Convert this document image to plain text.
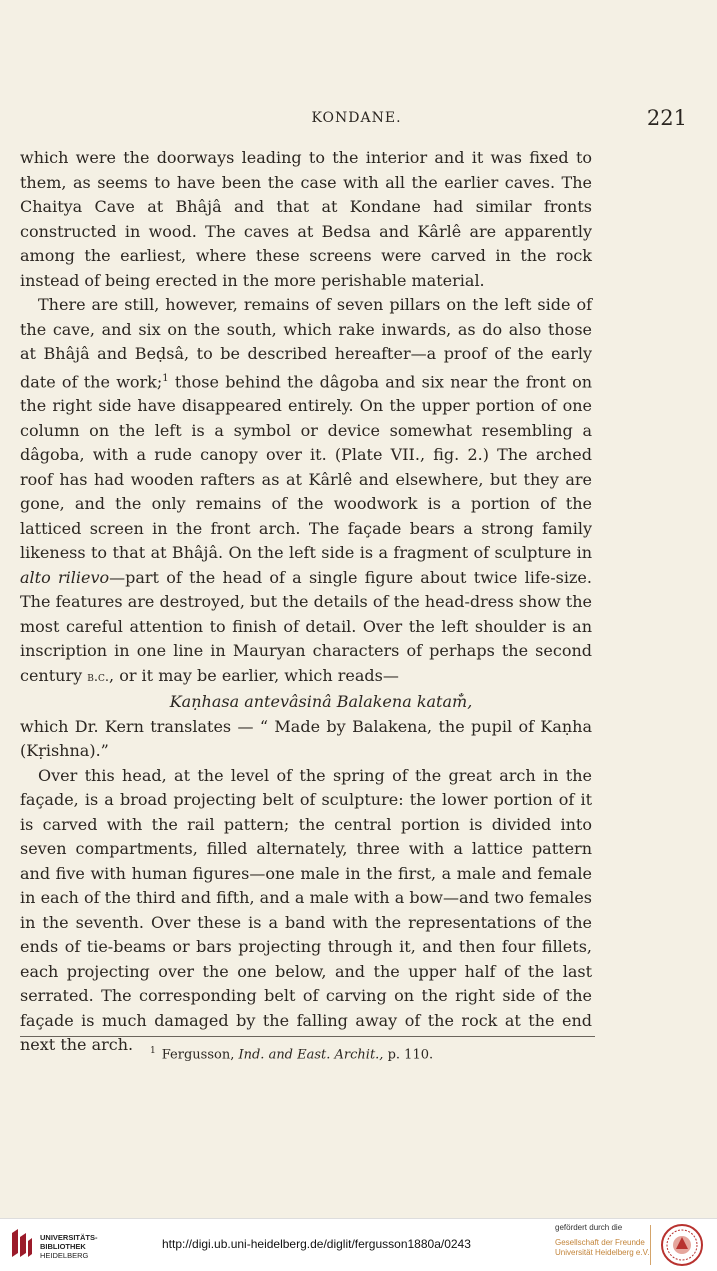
KONDANE.	221

which were the doorways leading to the interior and it was fixed to them, as seems to have been the case with all the earlier caves. The Chaitya Cave at Bhâjâ and that at Kondane had similar fronts constructed in wood. The caves at Bedsa and Kârlê are apparently among the earliest, where these screens were carved in the rock instead of being erected in the more perishable material.

There are still, however, remains of seven pillars on the left side of the cave, and six on the south, which rake inwards, as do also those at Bhâjâ and Beḍsâ, to be described hereafter—a proof of the early date of the work;$^1$ those behind the dâgoba and six near the front on the right side have disappeared entirely. On the upper portion of one column on the left is a symbol or device somewhat resembling a dâgoba, with a rude canopy over it. (Plate VII., fig. 2.) The arched roof has had wooden rafters as at Kârlê and elsewhere, but they are gone, and the only remains of the woodwork is a portion of the latticed screen in the front arch. The façade bears a strong family likeness to that at Bhâjâ. On the left side is a fragment of sculpture in alto rilievo—part of the head of a single figure about twice life-size. The features are destroyed, but the details of the head-dress show the most careful attention to finish of detail. Over the left shoulder is an inscription in one line in Mauryan characters of perhaps the second century b.c., or it may be earlier, which reads—

Kaṇhasa antevâsinâ Balakena katam̐,

which Dr. Kern translates — “ Made by Balakena, the pupil of Kaṇha (Kṛishna).”

Over this head, at the level of the spring of the great arch in the façade, is a broad projecting belt of sculpture: the lower portion of it is carved with the rail pattern; the central portion is divided into seven compartments, filled alternately, three with a lattice pattern and five with human figures—one male in the first, a male and female in each of the third and fifth, and a male with a bow—and two females in the seventh. Over these is a band with the representations of the ends of tie-beams or bars projecting through it, and then four fillets, each projecting over the one below, and the upper half of the last serrated. The corresponding belt of carving on the right side of the façade is much damaged by the falling away of the rock at the end next the arch.	$^1$ Fergusson, Ind. and East. Archit., p. 110.
UNIVERSITÄTS-
BIBLIOTHEK
HEIDELBERG
http://digi.ub.uni-heidelberg.de/diglit/fergusson1880a/0243
gefördert durch die
Gesellschaft der Freunde
Universität Heidelberg e.V.
